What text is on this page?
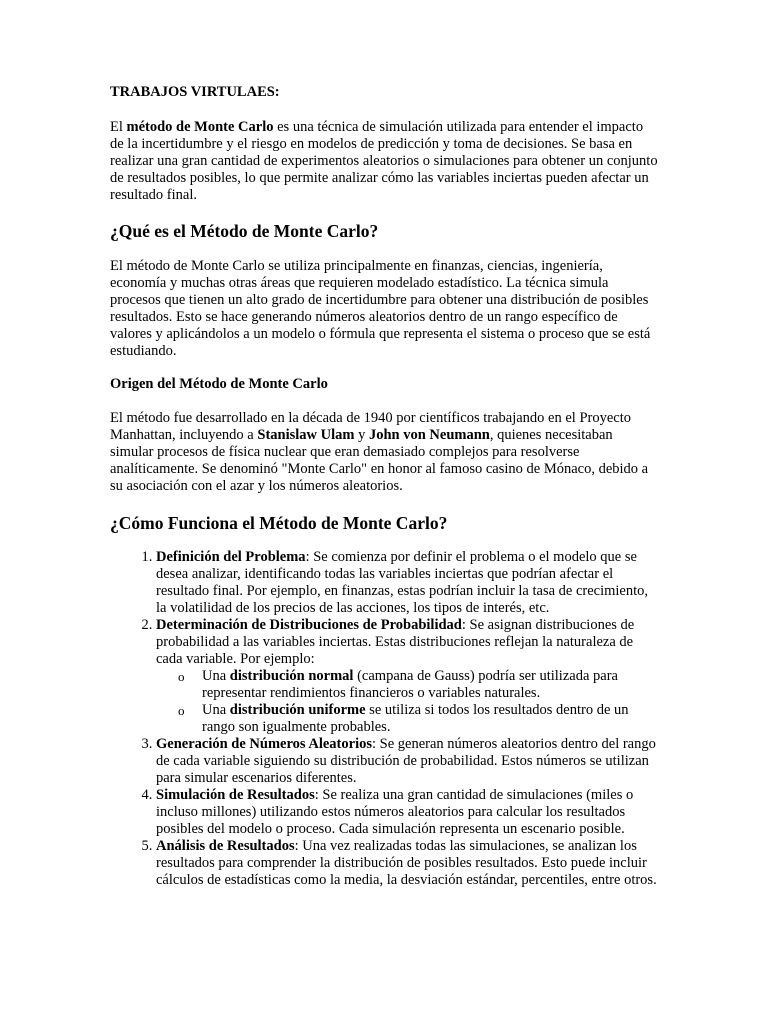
TRABAJOS VIRTULAES:

El método de Monte Carlo es una técnica de simulación utilizada para entender el impacto de la incertidumbre y el riesgo en modelos de predicción y toma de decisiones. Se basa en realizar una gran cantidad de experimentos aleatorios o simulaciones para obtener un conjunto de resultados posibles, lo que permite analizar cómo las variables inciertas pueden afectar un resultado final.

¿Qué es el Método de Monte Carlo?

El método de Monte Carlo se utiliza principalmente en finanzas, ciencias, ingeniería, economía y muchas otras áreas que requieren modelado estadístico. La técnica simula procesos que tienen un alto grado de incertidumbre para obtener una distribución de posibles resultados. Esto se hace generando números aleatorios dentro de un rango específico de valores y aplicándolos a un modelo o fórmula que representa el sistema o proceso que se está estudiando.

Origen del Método de Monte Carlo

El método fue desarrollado en la década de 1940 por científicos trabajando en el Proyecto Manhattan, incluyendo a Stanislaw Ulam y John von Neumann, quienes necesitaban simular procesos de física nuclear que eran demasiado complejos para resolverse analíticamente. Se denominó "Monte Carlo" en honor al famoso casino de Mónaco, debido a su asociación con el azar y los números aleatorios.

¿Cómo Funciona el Método de Monte Carlo?
1. Definición del Problema: Se comienza por definir el problema o el modelo que se desea analizar, identificando todas las variables inciertas que podrían afectar el resultado final. Por ejemplo, en finanzas, estas podrían incluir la tasa de crecimiento, la volatilidad de los precios de las acciones, los tipos de interés, etc.
2. Determinación de Distribuciones de Probabilidad: Se asignan distribuciones de probabilidad a las variables inciertas. Estas distribuciones reflejan la naturaleza de cada variable. Por ejemplo:
o Una distribución normal (campana de Gauss) podría ser utilizada para representar rendimientos financieros o variables naturales.
o Una distribución uniforme se utiliza si todos los resultados dentro de un rango son igualmente probables.
3. Generación de Números Aleatorios: Se generan números aleatorios dentro del rango de cada variable siguiendo su distribución de probabilidad. Estos números se utilizan para simular escenarios diferentes.
4. Simulación de Resultados: Se realiza una gran cantidad de simulaciones (miles o incluso millones) utilizando estos números aleatorios para calcular los resultados posibles del modelo o proceso. Cada simulación representa un escenario posible.
5. Análisis de Resultados: Una vez realizadas todas las simulaciones, se analizan los resultados para comprender la distribución de posibles resultados. Esto puede incluir cálculos de estadísticas como la media, la desviación estándar, percentiles, entre otros.
